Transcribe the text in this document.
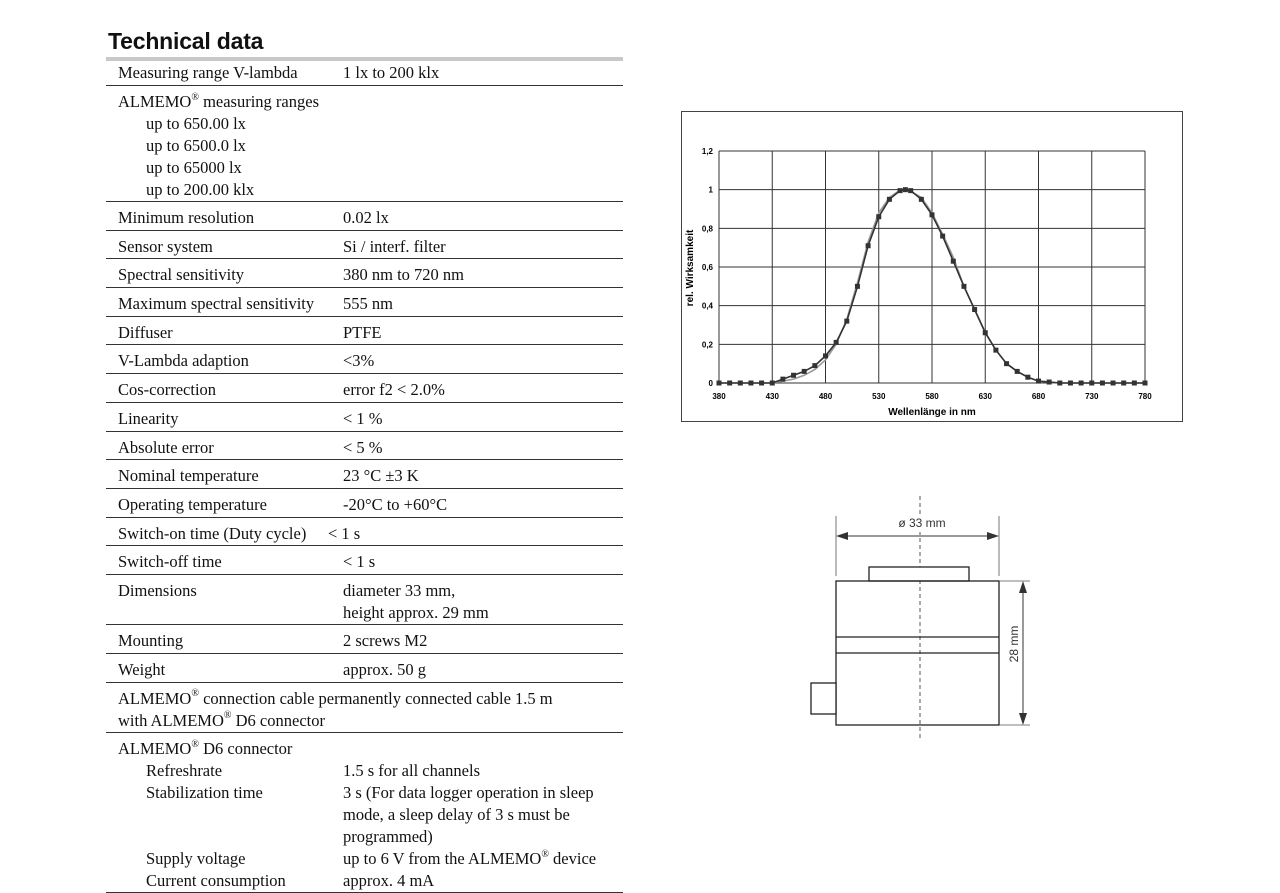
Technical data
Measuring range V-lambda	1 lx to 200 klx
ALMEMO® measuring ranges
up to 650.00 lx
up to 6500.0 lx
up to 65000 lx
up to 200.00 klx
Minimum resolution	0.02 lx
Sensor system	Si / interf. filter
Spectral sensitivity	380 nm to 720 nm
Maximum spectral sensitivity 555 nm
Diffuser	PTFE
V-Lambda adaption	<3%
Cos-correction	error f2 < 2.0%
Linearity	< 1 %
Absolute error	< 5 %
Nominal temperature	23 °C ±3 K
Operating temperature	-20°C to +60°C
Switch-on time (Duty cycle) < 1 s
Switch-off time	< 1 s
Dimensions	diameter 33 mm,
height approx. 29 mm
Mounting	2 screws M2
Weight	approx. 50 g
ALMEMO® connection cable permanently connected cable 1.5 m
with ALMEMO® D6 connector
ALMEMO® D6 connector
Refreshrate	1.5 s for all channels
Stabilization time	3 s (For data logger operation in sleep
mode, a sleep delay of 3 s must be
programmed)
Supply voltage	up to 6 V from the ALMEMO® device
Current consumption	approx. 4 mA
380	430	480	530	580	630	680	730	780
0
0,2
0,4
0,6
0,8
1
1,2
Wellenlänge in nm
rel. Wirksamkeit
ø 33 mm
28 mm
